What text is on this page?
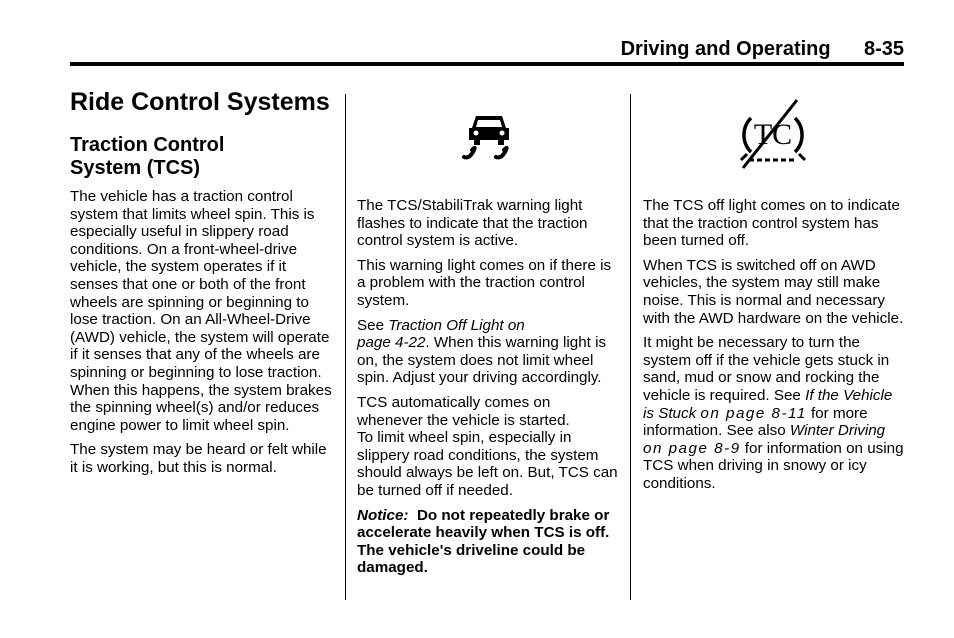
Driving and Operating 8-35
Ride Control Systems
Traction Control
System (TCS)

The vehicle has a traction control system that limits wheel spin. This is especially useful in slippery road conditions. On a front-wheel-drive vehicle, the system operates if it senses that one or both of the front wheels are spinning or beginning to lose traction. On an All-Wheel-Drive (AWD) vehicle, the system will operate if it senses that any of the wheels are spinning or beginning to lose traction. When this happens, the system brakes the spinning wheel(s) and/or reduces engine power to limit wheel spin.

The system may be heard or felt while it is working, but this is normal.

The TCS/StabiliTrak warning light flashes to indicate that the traction control system is active.

This warning light comes on if there is a problem with the traction control system.

See Traction Off Light on
page 4-22. When this warning light is on, the system does not limit wheel spin. Adjust your driving accordingly.

TCS automatically comes on whenever the vehicle is started.
To limit wheel spin, especially in slippery road conditions, the system should always be left on. But, TCS can be turned off if needed.

Notice: Do not repeatedly brake or accelerate heavily when TCS is off. The vehicle's driveline could be damaged.

TC

The TCS off light comes on to indicate that the traction control system has been turned off.

When TCS is switched off on AWD vehicles, the system may still make noise. This is normal and necessary with the AWD hardware on the vehicle.

It might be necessary to turn the system off if the vehicle gets stuck in sand, mud or snow and rocking the vehicle is required. See If the Vehicle is Stuck on page 8-11 for more information. See also Winter Driving on page 8-9 for information on using TCS when driving in snowy or icy conditions.
